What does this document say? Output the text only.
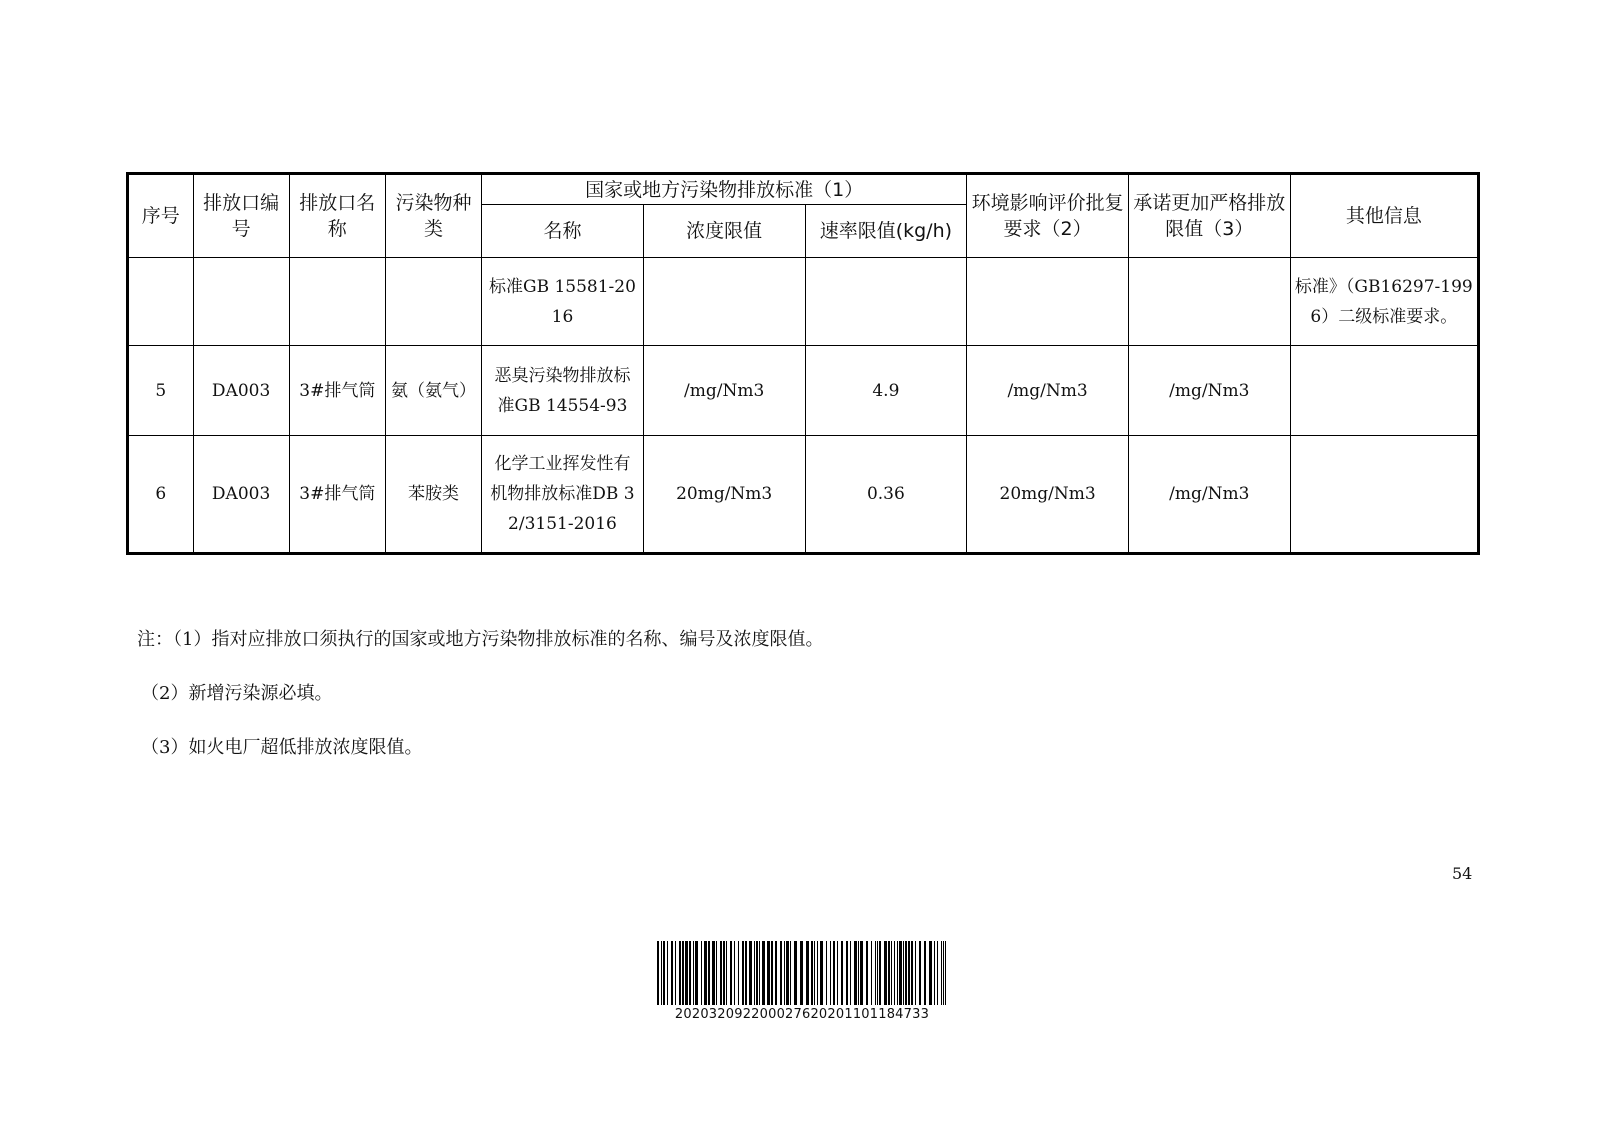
序号	排放口编号	排放口名称	污染物种类	国家或地方污染物排放标准（1）			环境影响评价批复要求（2）	承诺更加严格排放限值（3）	其他信息
				名称	浓度限值	速率限值(kg/h)			
				标准GB 15581-2016					标准》（GB16297-1996）二级标准要求。
5	DA003	3#排气筒	氨（氨气）	恶臭污染物排放标准GB 14554-93	/mg/Nm3	4.9	/mg/Nm3	/mg/Nm3	
6	DA003	3#排气筒	苯胺类	化学工业挥发性有机物排放标准DB 32/3151-2016	20mg/Nm3	0.36	20mg/Nm3	/mg/Nm3	

注：（1）指对应排放口须执行的国家或地方污染物排放标准的名称、编号及浓度限值。

（2）新增污染源必填。

（3）如火电厂超低排放浓度限值。

54
20203209220002762020110118473​3
